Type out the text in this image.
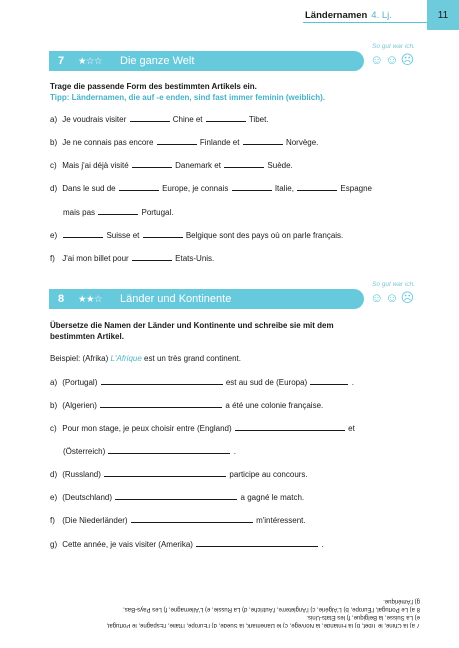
Ländernamen 4. Lj.	11
7 ★☆☆ Die ganze Welt
So gut war ich.
☺☺☹
Trage die passende Form des bestimmten Artikels ein.
Tipp: Ländernamen, die auf -e enden, sind fast immer feminin (weiblich).
a) Je voudrais visiter	Chine et	Tibet.
b) Je ne connais pas encore	Finlande et	Norvège.
c) Mais j'ai déjà visité	Danemark et	Suède.
d) Dans le sud de	Europe, je connais	Italie,	Espagne
mais pas	Portugal.
e)	Suisse et	Belgique sont des pays où on parle français.
f) J'ai mon billet pour	Etats-Unis.
8 ★★☆ Länder und Kontinente
So gut war ich.
☺☺☹
Übersetze die Namen der Länder und Kontinente und schreibe sie mit dem
bestimmten Artikel.
Beispiel: (Afrika) L'Afrique est un très grand continent.
a) (Portugal)	est au sud de (Europa)	.
b) (Algerien)	a été une colonie française.
c) Pour mon stage, je peux choisir entre (England)	et
(Österreich)	.
d) (Russland)	participe au concours.
e) (Deutschland)	a gagné le match.
f) (Die Niederländer)	m'intéressent.
g) Cette année, je vais visiter (Amerika)	.
7 a) la Chine, le Tibet, b) la Finlande, la Norvège, c) le Danemark, la Suède, d) l'Europe, l'Italie, l'Espagne, le Portugal,
e) La Suisse, la Belgique, f) les Etats-Unis.
8 a) Le Portugal, l'Europe, b) L'Algérie, c) l'Angleterre, l'Autriche, d) La Russie, e) L'Allemagne, f) Les Pays-Bas,
g) l'Amérique.
